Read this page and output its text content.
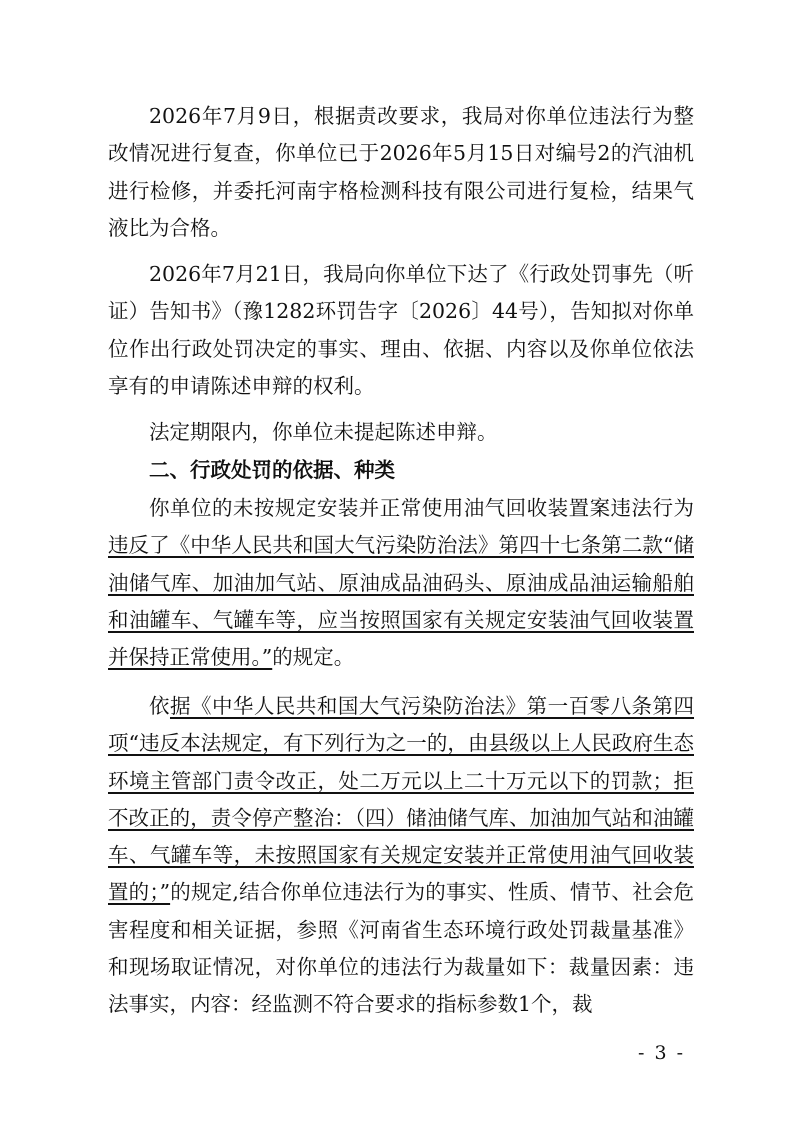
2026年7月9日，根据责改要求，我局对你单位违法行为整改情况进行复查，你单位已于2026年5月15日对编号2的汽油机进行检修，并委托河南宇格检测科技有限公司进行复检，结果气液比为合格。

2026年7月21日，我局向你单位下达了《行政处罚事先（听证）告知书》（豫1282环罚告字〔2026〕44号），告知拟对你单位作出行政处罚决定的事实、理由、依据、内容以及你单位依法享有的申请陈述申辩的权利。

法定期限内，你单位未提起陈述申辩。

二、行政处罚的依据、种类

你单位的未按规定安装并正常使用油气回收装置案违法行为违反了《中华人民共和国大气污染防治法》第四十七条第二款“储油储气库、加油加气站、原油成品油码头、原油成品油运输船舶和油罐车、气罐车等，应当按照国家有关规定安装油气回收装置并保持正常使用。”的规定。

依据《中华人民共和国大气污染防治法》第一百零八条第四项“违反本法规定，有下列行为之一的，由县级以上人民政府生态环境主管部门责令改正，处二万元以上二十万元以下的罚款；拒不改正的，责令停产整治：（四）储油储气库、加油加气站和油罐车、气罐车等，未按照国家有关规定安装并正常使用油气回收装置的；”的规定,结合你单位违法行为的事实、性质、情节、社会危害程度和相关证据，参照《河南省生态环境行政处罚裁量基准》和现场取证情况，对你单位的违法行为裁量如下：裁量因素：违法事实，内容：经监测不符合要求的指标参数1个，裁

- 3 -
